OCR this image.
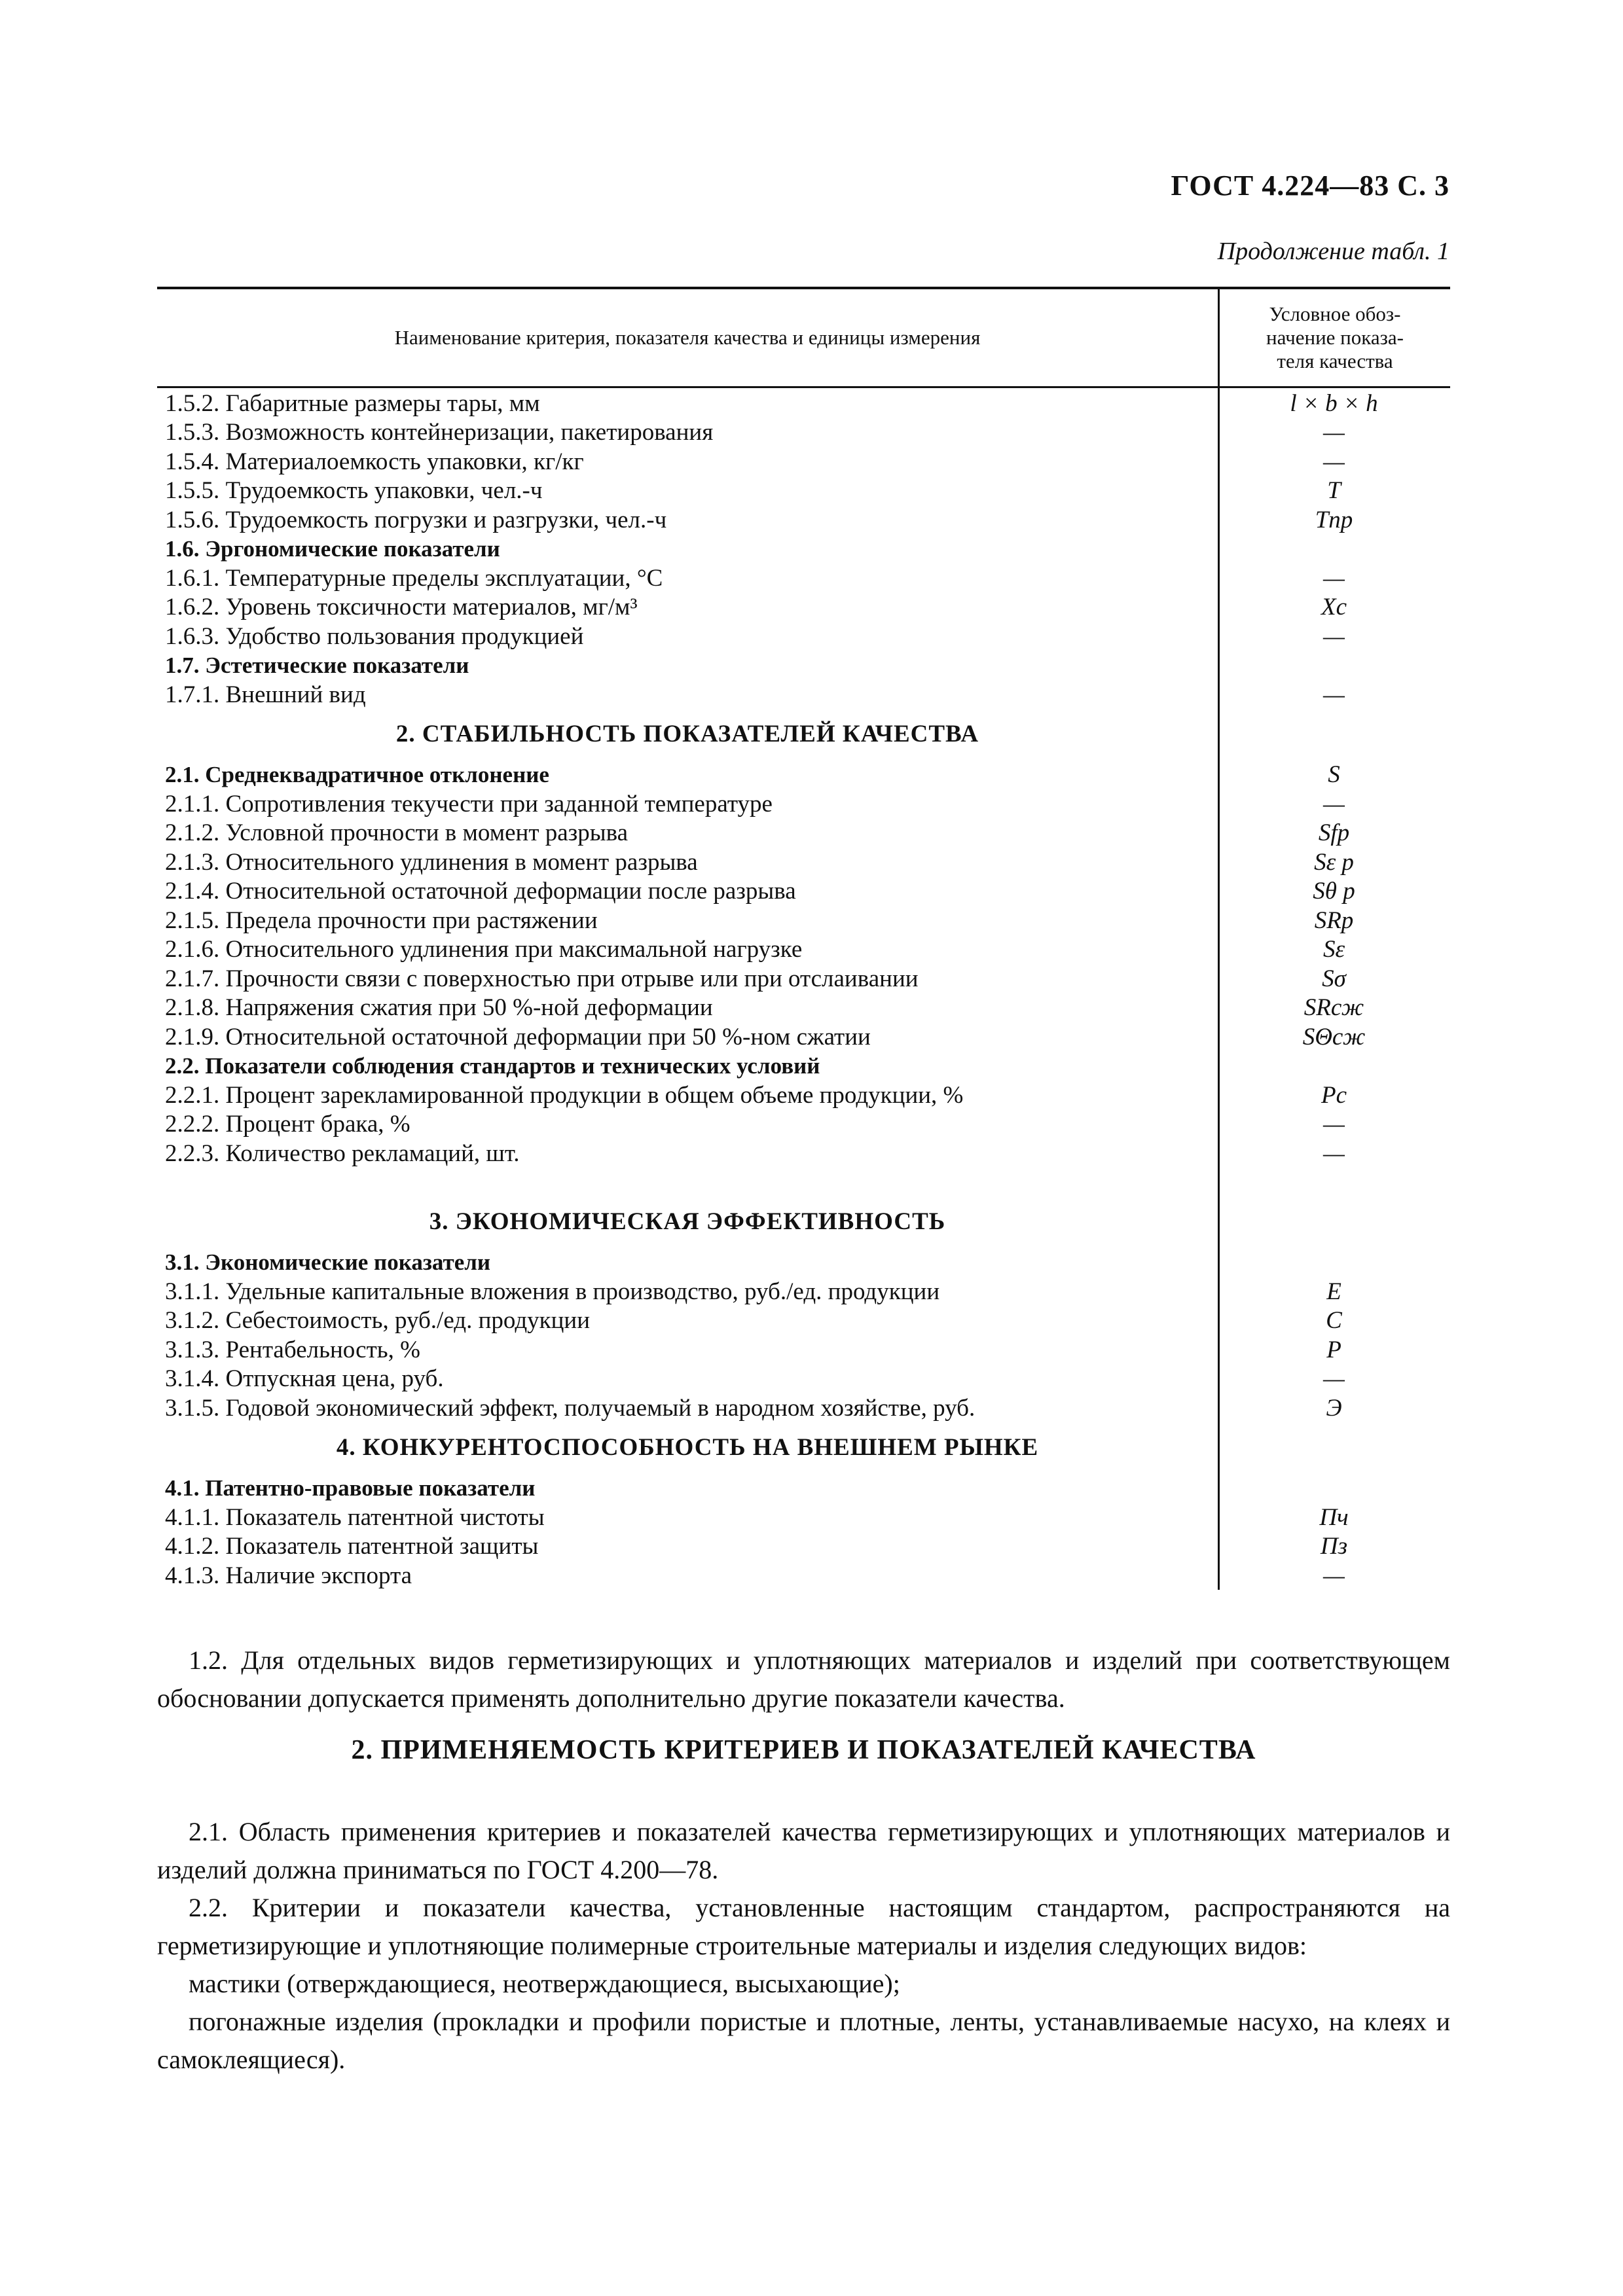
ГОСТ 4.224—83 С. 3
Продолжение табл. 1
Наименование критерия, показателя качества и единицы измерения
Условное обоз-
начение показа-
теля качества
1.5.2. Габаритные размеры тары, мм	l × b × h
1.5.3. Возможность контейнеризации, пакетирования	—
1.5.4. Материалоемкость упаковки, кг/кг	—
1.5.5. Трудоемкость упаковки, чел.-ч	T
1.5.6. Трудоемкость погрузки и разгрузки, чел.-ч	Tпр
1.6. Эргономические показатели
1.6.1. Температурные пределы эксплуатации, °С	—
1.6.2. Уровень токсичности материалов, мг/м³	Xc
1.6.3. Удобство пользования продукцией	—
1.7. Эстетические показатели
1.7.1. Внешний вид	—
2. СТАБИЛЬНОСТЬ ПОКАЗАТЕЛЕЙ КАЧЕСТВА
2.1. Среднеквадратичное отклонение	S
2.1.1. Сопротивления текучести при заданной температуре	—
2.1.2. Условной прочности в момент разрыва	Sfp
2.1.3. Относительного удлинения в момент разрыва	Sε р
2.1.4. Относительной остаточной деформации после разрыва	Sθ р
2.1.5. Предела прочности при растяжении	SRp
2.1.6. Относительного удлинения при максимальной нагрузке	Sε
2.1.7. Прочности связи с поверхностью при отрыве или при отслаивании	Sσ
2.1.8. Напряжения сжатия при 50 %-ной деформации	SRсж
2.1.9. Относительной остаточной деформации при 50 %-ном сжатии	SΘсж
2.2. Показатели соблюдения стандартов и технических условий
2.2.1. Процент зарекламированной продукции в общем объеме продукции, %	Pc
2.2.2. Процент брака, %	—
2.2.3. Количество рекламаций, шт.	—
3. ЭКОНОМИЧЕСКАЯ ЭФФЕКТИВНОСТЬ
3.1. Экономические показатели
3.1.1. Удельные капитальные вложения в производство, руб./ед. продукции	E
3.1.2. Себестоимость, руб./ед. продукции	C
3.1.3. Рентабельность, %	P
3.1.4. Отпускная цена, руб.	—
3.1.5. Годовой экономический эффект, получаемый в народном хозяйстве, руб.	Э
4. КОНКУРЕНТОСПОСОБНОСТЬ НА ВНЕШНЕМ РЫНКЕ
4.1. Патентно-правовые показатели
4.1.1. Показатель патентной чистоты	Пч
4.1.2. Показатель патентной защиты	Пз
4.1.3. Наличие экспорта	—
1.2. Для отдельных видов герметизирующих и уплотняющих материалов и изделий при соответствующем обосновании допускается применять дополнительно другие показатели качества.
2. ПРИМЕНЯЕМОСТЬ КРИТЕРИЕВ И ПОКАЗАТЕЛЕЙ КАЧЕСТВА

2.1. Область применения критериев и показателей качества герметизирующих и уплотняющих материалов и изделий должна приниматься по ГОСТ 4.200—78.

2.2. Критерии и показатели качества, установленные настоящим стандартом, распространяются на герметизирующие и уплотняющие полимерные строительные материалы и изделия следующих видов:

мастики (отверждающиеся, неотверждающиеся, высыхающие);

погонажные изделия (прокладки и профили пористые и плотные, ленты, устанавливаемые насухо, на клеях и самоклеящиеся).
